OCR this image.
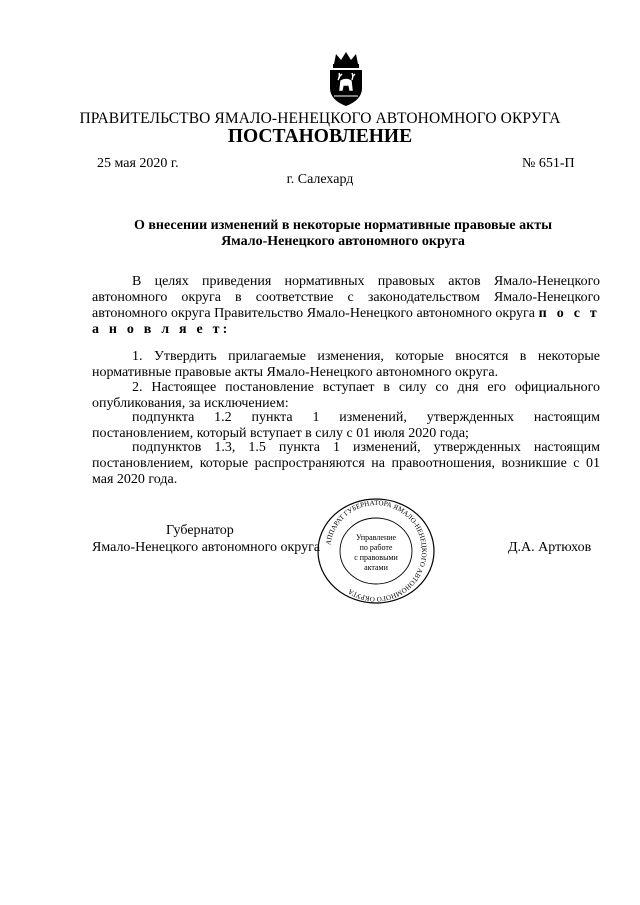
ПРАВИТЕЛЬСТВО ЯМАЛО-НЕНЕЦКОГО АВТОНОМНОГО ОКРУГА
ПОСТАНОВЛЕНИЕ
25 мая 2020 г.	№ 651-П
г. Салехард
О внесении изменений в некоторые нормативные правовые акты
Ямало-Ненецкого автономного округа
В целях приведения нормативных правовых актов Ямало-Ненецкого автономного округа в соответствие с законодательством Ямало-Ненецкого автономного округа Правительство Ямало-Ненецкого автономного округа п о с т а н о в л я е т:
1. Утвердить прилагаемые изменения, которые вносятся в некоторые нормативные правовые акты Ямало-Ненецкого автономного округа.
2. Настоящее постановление вступает в силу со дня его официального опубликования, за исключением:
подпункта 1.2 пункта 1 изменений, утвержденных настоящим постановлением, который вступает в силу с 01 июля 2020 года;
подпунктов 1.3, 1.5 пункта 1 изменений, утвержденных настоящим постановлением, которые распространяются на правоотношения, возникшие с 01 мая 2020 года.
Губернатор
Ямало-Ненецкого автономного округа	Д.А. Артюхов
АППАРАТ ГУБЕРНАТОРА ЯМАЛО-НЕНЕЦКОГО АВТОНОМНОГО ОКРУГА
Управление
по работе
с правовыми
актами
